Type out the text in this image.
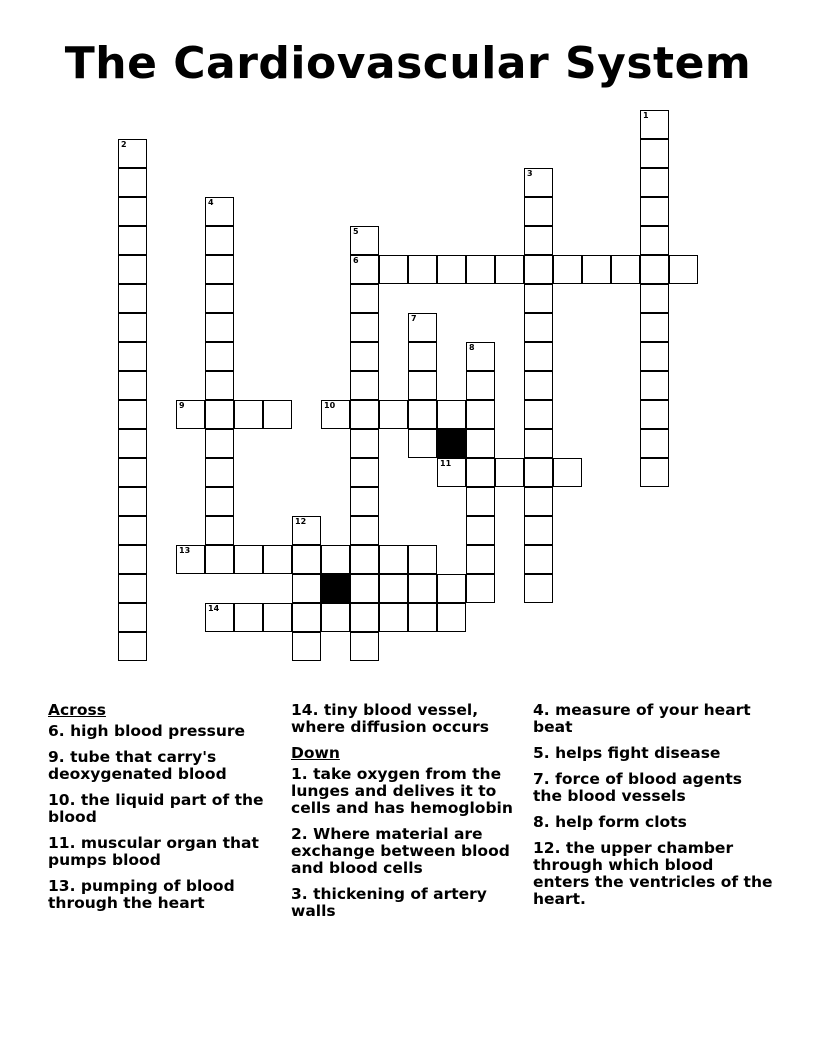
The Cardiovascular System
1
2
3
4
5
6
7
8
9	10
11
12
13
14
Across
6. high blood pressure
9. tube that carry's deoxygenated blood
10. the liquid part of the blood
11. muscular organ that pumps blood
13. pumping of blood through the heart
14. tiny blood vessel, where diffusion occurs
Down
1. take oxygen from the lunges and delives it to cells and has hemoglobin
2. Where material are exchange between blood and blood cells
3. thickening of artery walls
4. measure of your heart beat
5. helps fight disease
7. force of blood agents the blood vessels
8. help form clots
12. the upper chamber through which blood enters the ventricles of the heart.
